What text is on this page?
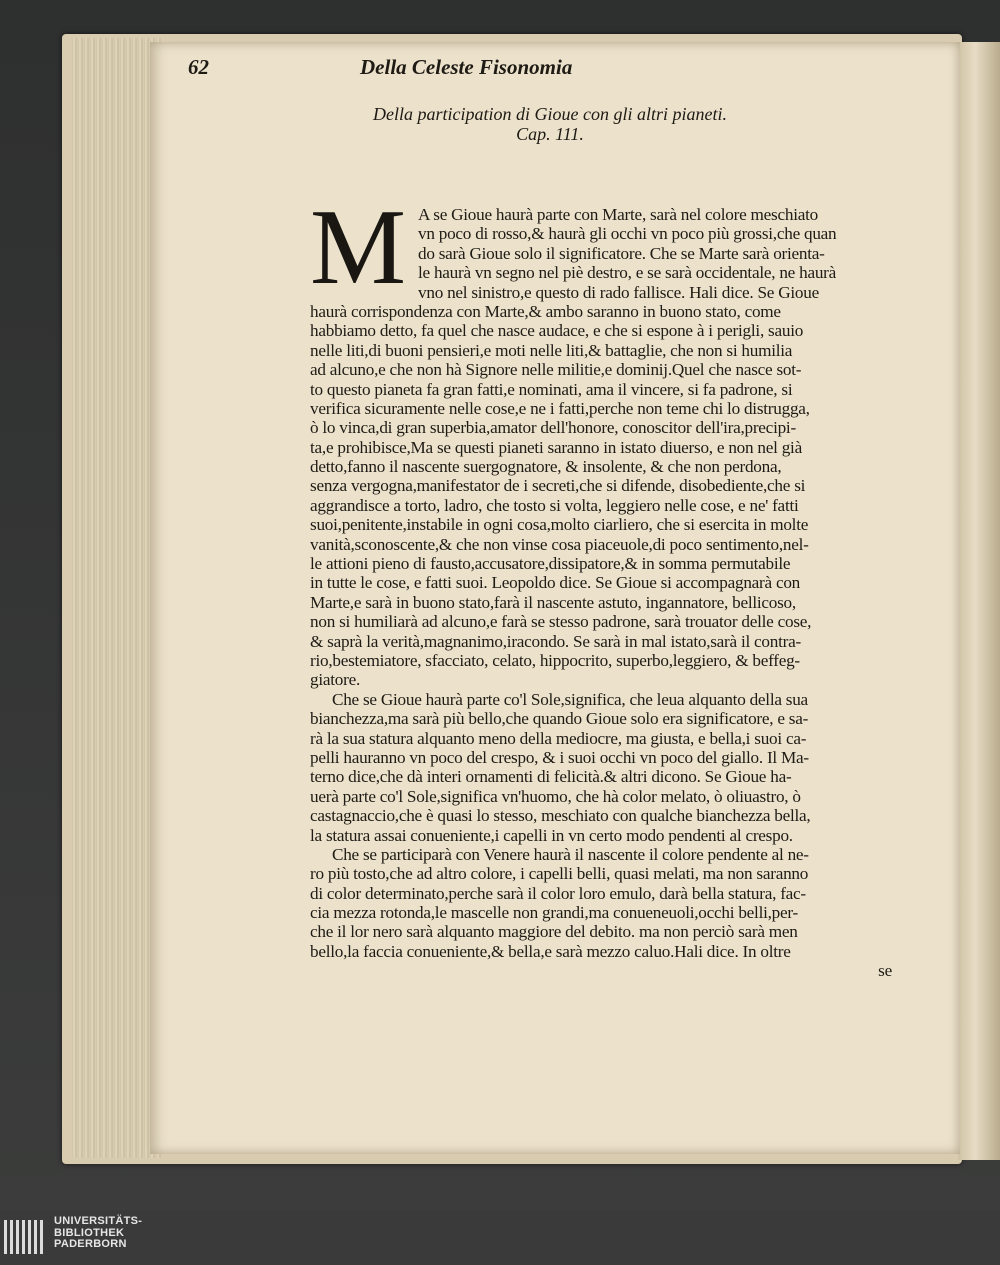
62	Della Celeste Fisonomia
Della participation di Gioue con gli altri pianeti.
Cap. 111.
M A se Gioue haurà parte con Marte, sarà nel colore meschiato
vn poco di rosso,& haurà gli occhi vn poco più grossi,che quan
do sarà Gioue solo il significatore. Che se Marte sarà orienta-
le haurà vn segno nel piè destro, e se sarà occidentale, ne haurà
vno nel sinistro,e questo di rado fallisce. Hali dice. Se Gioue
haurà corrispondenza con Marte,& ambo saranno in buono stato, come
habbiamo detto, fa quel che nasce audace, e che si espone à i perigli, sauio
nelle liti,di buoni pensieri,e moti nelle liti,& battaglie, che non si humilia
ad alcuno,e che non hà Signore nelle militie,e dominij.Quel che nasce sot-
to questo pianeta fa gran fatti,e nominati, ama il vincere, si fa padrone, si
verifica sicuramente nelle cose,e ne i fatti,perche non teme chi lo distrugga,
ò lo vinca,di gran superbia,amator dell'honore, conoscitor dell'ira,precipi-
ta,e prohibisce,Ma se questi pianeti saranno in istato diuerso, e non nel già
detto,fanno il nascente suergognatore, & insolente, & che non perdona,
senza vergogna,manifestator de i secreti,che si difende, disobediente,che si
aggrandisce a torto, ladro, che tosto si volta, leggiero nelle cose, e ne' fatti
suoi,penitente,instabile in ogni cosa,molto ciarliero, che si esercita in molte
vanità,sconoscente,& che non vinse cosa piaceuole,di poco sentimento,nel-
le attioni pieno di fausto,accusatore,dissipatore,& in somma permutabile
in tutte le cose, e fatti suoi. Leopoldo dice. Se Gioue si accompagnarà con
Marte,e sarà in buono stato,farà il nascente astuto, ingannatore, bellicoso,
non si humiliarà ad alcuno,e farà se stesso padrone, sarà trouator delle cose,
& saprà la verità,magnanimo,iracondo. Se sarà in mal istato,sarà il contra-
rio,bestemiatore, sfacciato, celato, hippocrito, superbo,leggiero, & beffeg-
giatore.
Che se Gioue haurà parte co'l Sole,significa, che leua alquanto della sua
bianchezza,ma sarà più bello,che quando Gioue solo era significatore, e sa-
rà la sua statura alquanto meno della mediocre, ma giusta, e bella,i suoi ca-
pelli hauranno vn poco del crespo, & i suoi occhi vn poco del giallo. Il Ma-
terno dice,che dà interi ornamenti di felicità.& altri dicono. Se Gioue ha-
uerà parte co'l Sole,significa vn'huomo, che hà color melato, ò oliuastro, ò
castagnaccio,che è quasi lo stesso, meschiato con qualche bianchezza bella,
la statura assai conueniente,i capelli in vn certo modo pendenti al crespo.
Che se participarà con Venere haurà il nascente il colore pendente al ne-
ro più tosto,che ad altro colore, i capelli belli, quasi melati, ma non saranno
di color determinato,perche sarà il color loro emulo, darà bella statura, fac-
cia mezza rotonda,le mascelle non grandi,ma conueneuoli,occhi belli,per-
che il lor nero sarà alquanto maggiore del debito. ma non perciò sarà men
bello,la faccia conueniente,& bella,e sarà mezzo caluo.Hali dice. In oltre
se
UNIVERSITÄTS-
BIBLIOTHEK
PADERBORN
